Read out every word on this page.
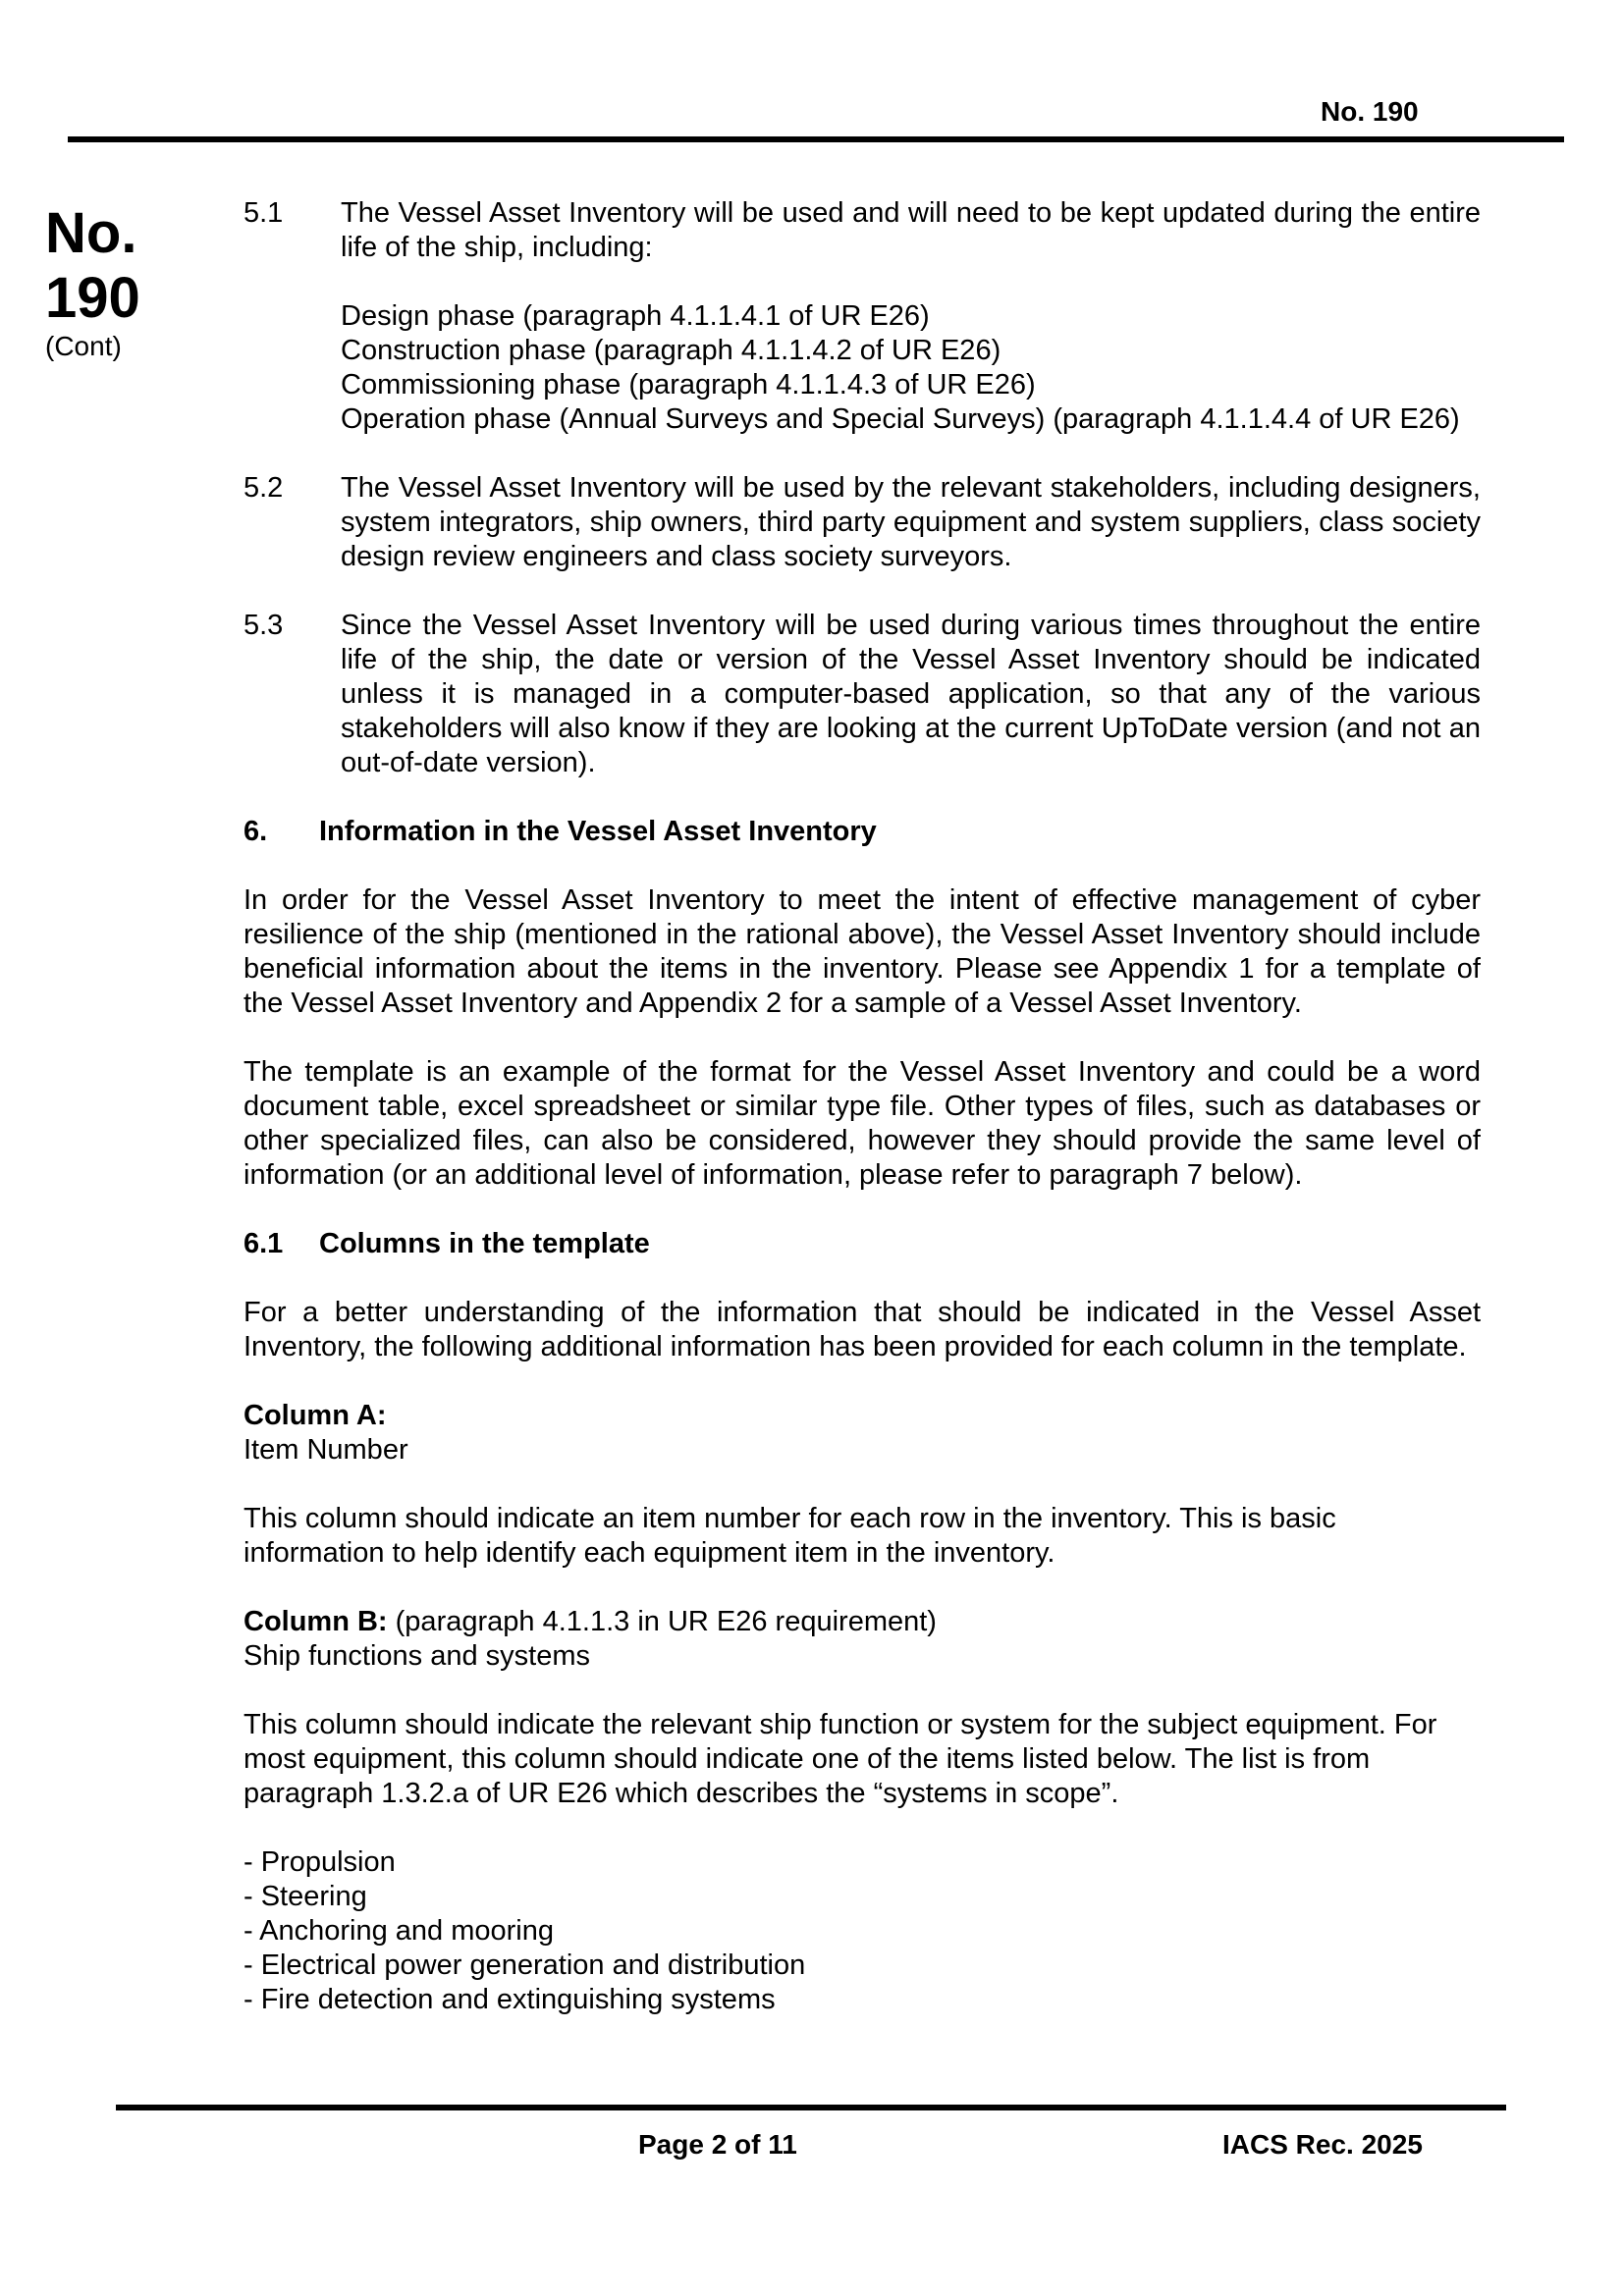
No. 190
No.
190
(Cont)
5.1	The Vessel Asset Inventory will be used and will need to be kept updated during the entire life of the ship, including:
Design phase (paragraph 4.1.1.4.1 of UR E26)
Construction phase (paragraph 4.1.1.4.2 of UR E26)
Commissioning phase (paragraph 4.1.1.4.3 of UR E26)
Operation phase (Annual Surveys and Special Surveys) (paragraph 4.1.1.4.4 of UR E26)
5.2	The Vessel Asset Inventory will be used by the relevant stakeholders, including designers, system integrators, ship owners, third party equipment and system suppliers, class society design review engineers and class society surveyors.
5.3	Since the Vessel Asset Inventory will be used during various times throughout the entire life of the ship, the date or version of the Vessel Asset Inventory should be indicated unless it is managed in a computer-based application, so that any of the various stakeholders will also know if they are looking at the current UpToDate version (and not an out-of-date version).
6.	Information in the Vessel Asset Inventory

In order for the Vessel Asset Inventory to meet the intent of effective management of cyber resilience of the ship (mentioned in the rational above), the Vessel Asset Inventory should include beneficial information about the items in the inventory. Please see Appendix 1 for a template of the Vessel Asset Inventory and Appendix 2 for a sample of a Vessel Asset Inventory.

The template is an example of the format for the Vessel Asset Inventory and could be a word document table, excel spreadsheet or similar type file. Other types of files, such as databases or other specialized files, can also be considered, however they should provide the same level of information (or an additional level of information, please refer to paragraph 7 below).

6.1	Columns in the template

For a better understanding of the information that should be indicated in the Vessel Asset Inventory, the following additional information has been provided for each column in the template.

Column A:
Item Number

This column should indicate an item number for each row in the inventory. This is basic information to help identify each equipment item in the inventory.

Column B: (paragraph 4.1.1.3 in UR E26 requirement)
Ship functions and systems

This column should indicate the relevant ship function or system for the subject equipment. For most equipment, this column should indicate one of the items listed below. The list is from paragraph 1.3.2.a of UR E26 which describes the “systems in scope”.

- Propulsion
- Steering
- Anchoring and mooring
- Electrical power generation and distribution
- Fire detection and extinguishing systems
Page 2 of 11	IACS Rec. 2025
